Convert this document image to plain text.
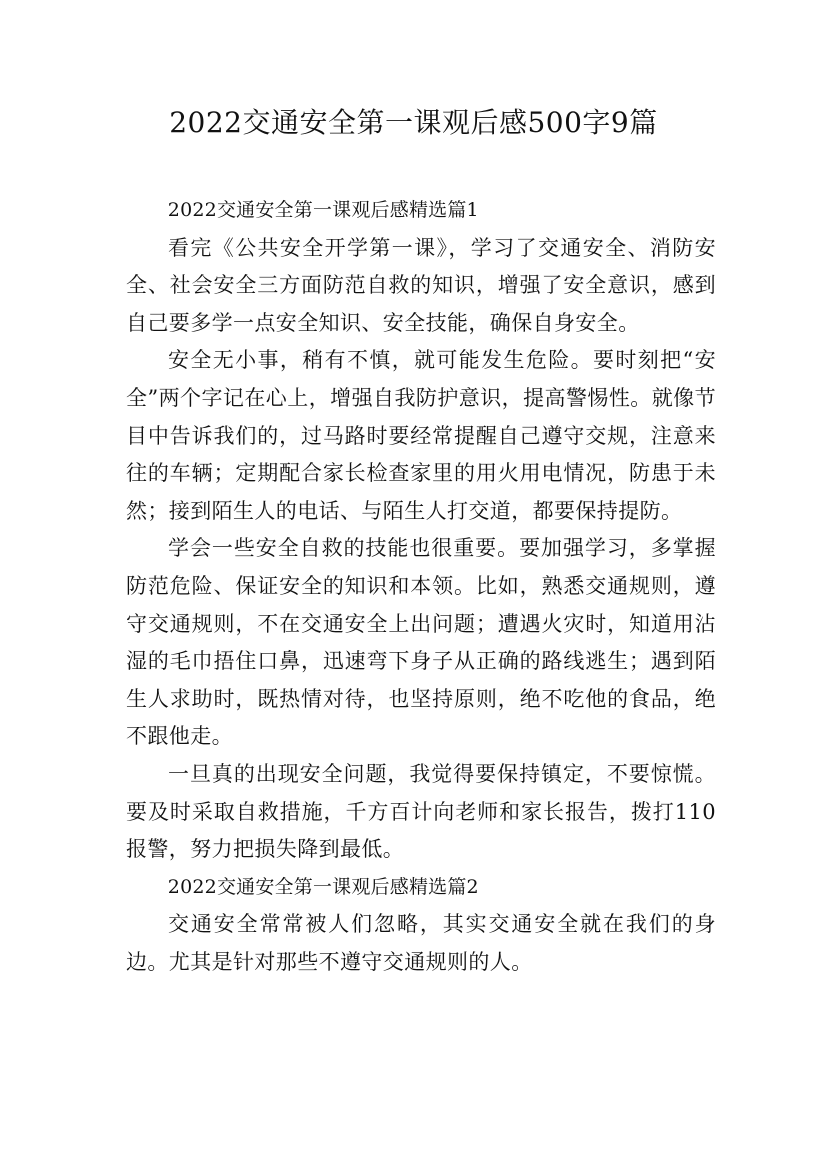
2022交通安全第一课观后感500字9篇

2022交通安全第一课观后感精选篇1

看完《公共安全开学第一课》，学习了交通安全、消防安全、社会安全三方面防范自救的知识，增强了安全意识，感到自己要多学一点安全知识、安全技能，确保自身安全。

安全无小事，稍有不慎，就可能发生危险。要时刻把“安全”两个字记在心上，增强自我防护意识，提高警惕性。就像节目中告诉我们的，过马路时要经常提醒自己遵守交规，注意来往的车辆；定期配合家长检查家里的用火用电情况，防患于未然；接到陌生人的电话、与陌生人打交道，都要保持提防。

学会一些安全自救的技能也很重要。要加强学习，多掌握防范危险、保证安全的知识和本领。比如，熟悉交通规则，遵守交通规则，不在交通安全上出问题；遭遇火灾时，知道用沾湿的毛巾捂住口鼻，迅速弯下身子从正确的路线逃生；遇到陌生人求助时，既热情对待，也坚持原则，绝不吃他的食品，绝不跟他走。

一旦真的出现安全问题，我觉得要保持镇定，不要惊慌。要及时采取自救措施，千方百计向老师和家长报告，拨打110报警，努力把损失降到最低。

2022交通安全第一课观后感精选篇2

交通安全常常被人们忽略，其实交通安全就在我们的身边。尤其是针对那些不遵守交通规则的人。
